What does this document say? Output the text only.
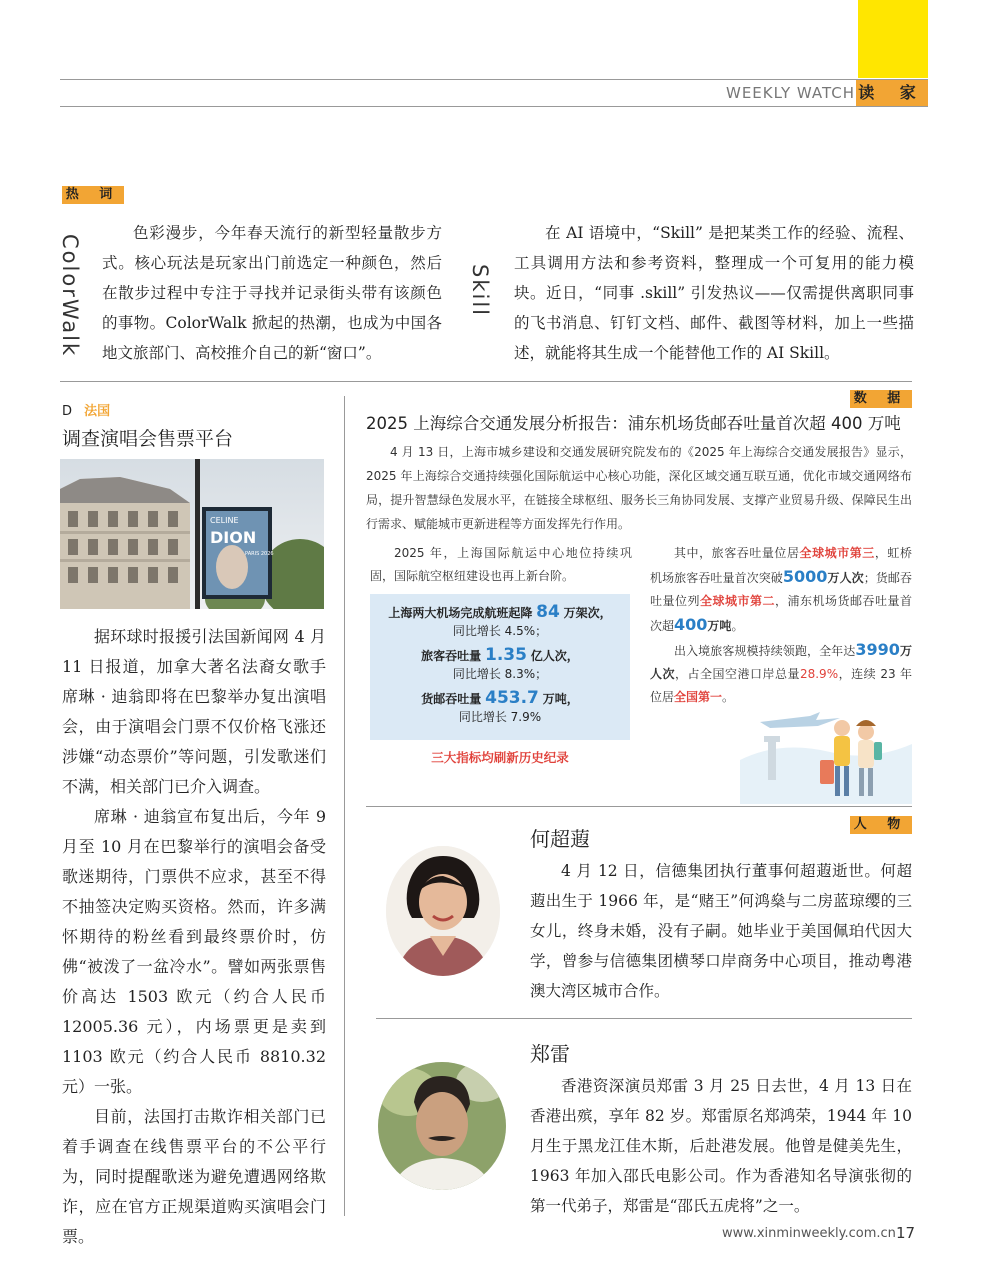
WEEKLY WATCH 读 家
热 词
ColorWalk

色彩漫步，今年春天流行的新型轻量散步方式。核心玩法是玩家出门前选定一种颜色，然后在散步过程中专注于寻找并记录街头带有该颜色的事物。ColorWalk 掀起的热潮，也成为中国各地文旅部门、高校推介自己的新“窗口”。

Skill

在 AI 语境中，“Skill” 是把某类工作的经验、流程、工具调用方法和参考资料，整理成一个可复用的能力模块。近日，“同事 .skill” 引发热议——仅需提供离职同事的飞书消息、钉钉文档、邮件、截图等材料，加上一些描述，就能将其生成一个能替他工作的 AI Skill。

D 法国
调查演唱会售票平台
CELINE
DION
PARIS 2026

据环球时报援引法国新闻网 4 月 11 日报道，加拿大著名法裔女歌手席琳 · 迪翁即将在巴黎举办复出演唱会，由于演唱会门票不仅价格飞涨还涉嫌“动态票价”等问题，引发歌迷们不满，相关部门已介入调查。

席琳 · 迪翁宣布复出后，今年 9 月至 10 月在巴黎举行的演唱会备受歌迷期待，门票供不应求，甚至不得不抽签决定购买资格。然而，许多满怀期待的粉丝看到最终票价时，仿佛“被泼了一盆冷水”。譬如两张票售价高达 1503 欧元（约合人民币 12005.36 元），内场票更是卖到 1103 欧元（约合人民币 8810.32 元）一张。

目前，法国打击欺诈相关部门已着手调查在线售票平台的不公平行为，同时提醒歌迷为避免遭遇网络欺诈，应在官方正规渠道购买演唱会门票。

数 据
2025 上海综合交通发展分析报告：浦东机场货邮吞吐量首次超 400 万吨

4 月 13 日，上海市城乡建设和交通发展研究院发布的《2025 年上海综合交通发展报告》显示，2025 年上海综合交通持续强化国际航运中心核心功能，深化区域交通互联互通，优化市域交通网络布局，提升智慧绿色发展水平，在链接全球枢纽、服务长三角协同发展、支撑产业贸易升级、保障民生出行需求、赋能城市更新进程等方面发挥先行作用。

2025 年，上海国际航运中心地位持续巩固，国际航空枢纽建设也再上新台阶。

上海两大机场完成航班起降 84 万架次，
同比增长 4.5%；
旅客吞吐量 1.35 亿人次，
同比增长 8.3%；
货邮吞吐量 453.7 万吨，
同比增长 7.9%
三大指标均刷新历史纪录
其中，旅客吞吐量位居全球城市第三，虹桥机场旅客吞吐量首次突破5000万人次；货邮吞吐量位列全球城市第二，浦东机场货邮吞吐量首次超400万吨。
出入境旅客规模持续领跑，全年达3990万人次，占全国空港口岸总量28.9%，连续 23 年位居全国第一。
人 物
何超蕸

4 月 12 日，信德集团执行董事何超蕸逝世。何超蕸出生于 1966 年，是“赌王”何鸿燊与二房蓝琼缨的三女儿，终身未婚，没有子嗣。她毕业于美国佩珀代因大学，曾参与信德集团横琴口岸商务中心项目，推动粤港澳大湾区城市合作。

郑雷

香港资深演员郑雷 3 月 25 日去世，4 月 13 日在香港出殡，享年 82 岁。郑雷原名郑鸿荣，1944 年 10 月生于黑龙江佳木斯，后赴港发展。他曾是健美先生，1963 年加入邵氏电影公司。作为香港知名导演张彻的第一代弟子，郑雷是“邵氏五虎将”之一。

www.xinminweekly.com.cn 17
